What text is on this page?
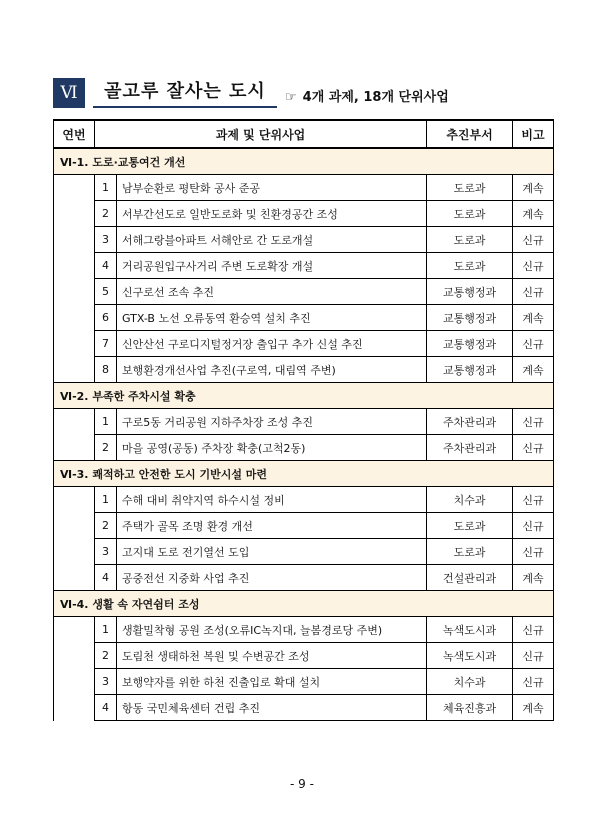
Ⅵ	골고루 잘사는 도시	☞ 4개 과제, 18개 단위사업
연번	과제 및 단위사업		추진부서	비고
Ⅵ-1. 도로·교통여건 개선				
	1	남부순환로 평탄화 공사 준공	도로과	계속
	2	서부간선도로 일반도로화 및 친환경공간 조성	도로과	계속
	3	서해그랑블아파트 서해안로 간 도로개설	도로과	신규
	4	거리공원입구사거리 주변 도로확장 개설	도로과	신규
	5	신구로선 조속 추진	교통행정과	신규
	6	GTX-B 노선 오류동역 환승역 설치 추진	교통행정과	계속
	7	신안산선 구로디지털정거장 출입구 추가 신설 추진	교통행정과	신규
	8	보행환경개선사업 추진(구로역, 대림역 주변)	교통행정과	계속
Ⅵ-2. 부족한 주차시설 확충				
	1	구로5동 거리공원 지하주차장 조성 추진	주차관리과	신규
	2	마을 공영(공동) 주차장 확충(고척2동)	주차관리과	신규
Ⅵ-3. 쾌적하고 안전한 도시 기반시설 마련				
	1	수해 대비 취약지역 하수시설 정비	치수과	신규
	2	주택가 골목 조명 환경 개선	도로과	신규
	3	고지대 도로 전기열선 도입	도로과	신규
	4	공중전선 지중화 사업 추진	건설관리과	계속
Ⅵ-4. 생활 속 자연쉼터 조성				
	1	생활밀착형 공원 조성(오류IC녹지대, 늘봄경로당 주변)	녹색도시과	신규
	2	도림천 생태하천 복원 및 수변공간 조성	녹색도시과	신규
	3	보행약자를 위한 하천 진출입로 확대 설치	치수과	신규
	4	항동 국민체육센터 건립 추진	체육진흥과	계속
- 9 -
